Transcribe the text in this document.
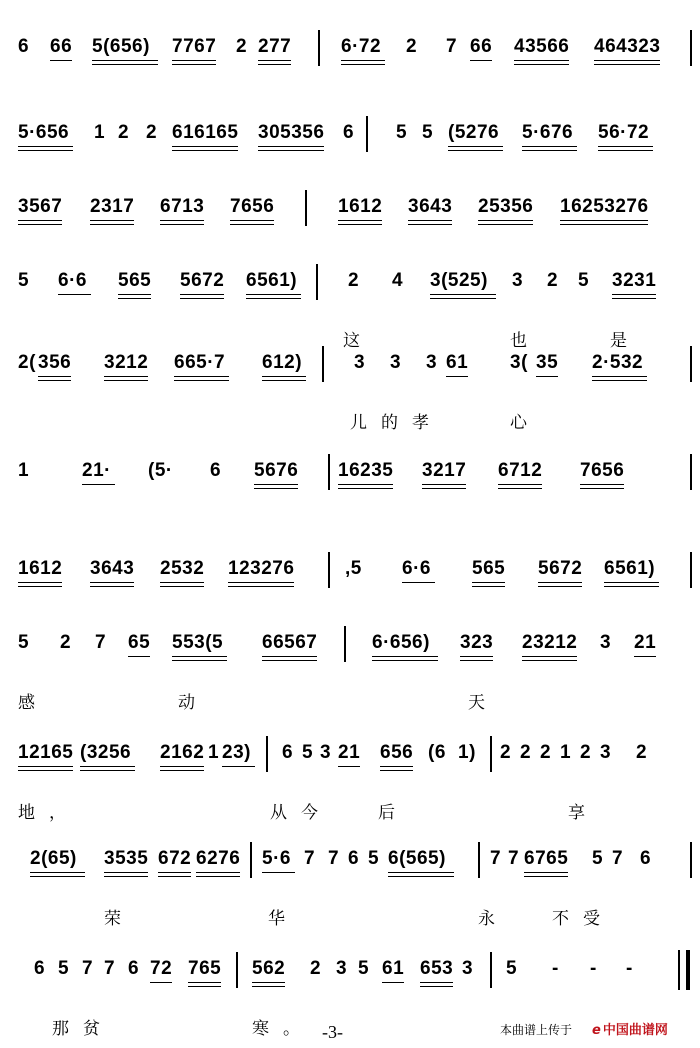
6 66 5(656) 7767 2 277	6·72 2 7 66 43566 464323
5·656 1 2 2 616165 305356 6 5 5 (5276 5·676 56·72
3567 2317 6713 7656	1612 3643 25356 16253276
5 6·6 565 5672 6561)	2 4 3(525) 3 2 5 3231
这	也	是
2( 356 3212 665·7 612)	3 3 3 61 3( 35 2·532
儿的孝	心
1	21· (5· 6 5676 16235 3217 6712 7656
1612 3643 2532 123276	,5 6·6 565 5672 6561)
5 2 7 65 553(5 66567	6·656) 323 23212 3 21
感	动	天
12165 (3256 2162 1 23) 6 5 3 21 656 (6 1) 2 2 2 1 2 3 2
地，	从今	后	享
2(65) 3535 672 6276 5·6 7 7 6 5 6(565) 7 7 6765 5 7 6
荣	华	永	不受
6 5 7 7 6 72 765 562 2 3 5 61 653 3 5 - - -
那贫	寒。 -3-	本曲谱上传于 e 中国曲谱网
